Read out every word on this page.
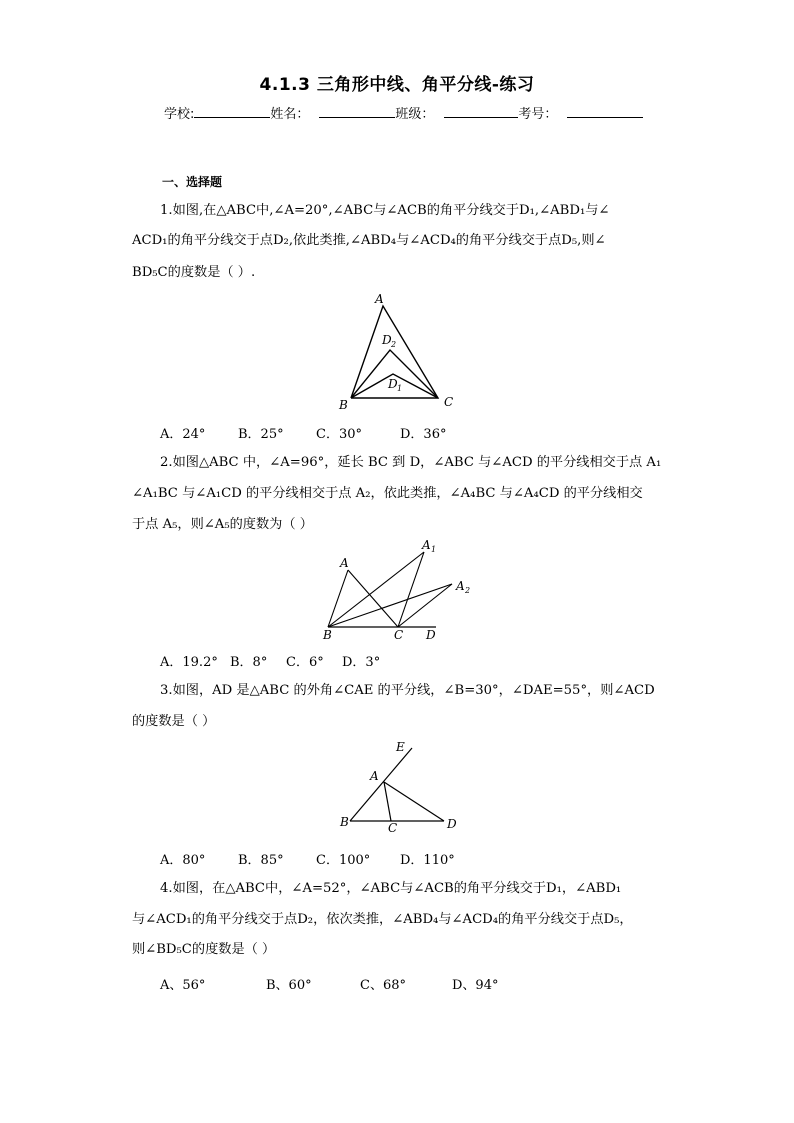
4.1.3 三角形中线、角平分线-练习
学校:	姓名：	班级：	考号：
一、选择题
1.如图,在△ABC中,∠A=20°,∠ABC与∠ACB的角平分线交于D₁,∠ABD₁与∠
ACD₁的角平分线交于点D₂,依此类推,∠ABD₄与∠ACD₄的角平分线交于点D₅,则∠
BD₅C的度数是（ ）.
A
B	C
D 2
D 1
A．24°	B．25° C．30°	D．36°
2.如图△ABC 中，∠A=96°，延长 BC 到 D，∠ABC 与∠ACD 的平分线相交于点 A₁
∠A₁BC 与∠A₁CD 的平分线相交于点 A₂，依此类推，∠A₄BC 与∠A₄CD 的平分线相交
于点 A₅，则∠A₅的度数为（ ）
A
A 1
A 2
B	C D
A．19.2° B．8° C．6° D．3°
3.如图，AD 是△ABC 的外角∠CAE 的平分线，∠B=30°，∠DAE=55°，则∠ACD
的度数是（ ）
E
A
B	C	D
A．80°	B．85° C．100° D．110°
4.如图，在△ABC中，∠A=52°，∠ABC与∠ACB的角平分线交于D₁，∠ABD₁
与∠ACD₁的角平分线交于点D₂，依次类推，∠ABD₄与∠ACD₄的角平分线交于点D₅，
则∠BD₅C的度数是（ ）
A、56°	B、60°	C、68°	D、94°
